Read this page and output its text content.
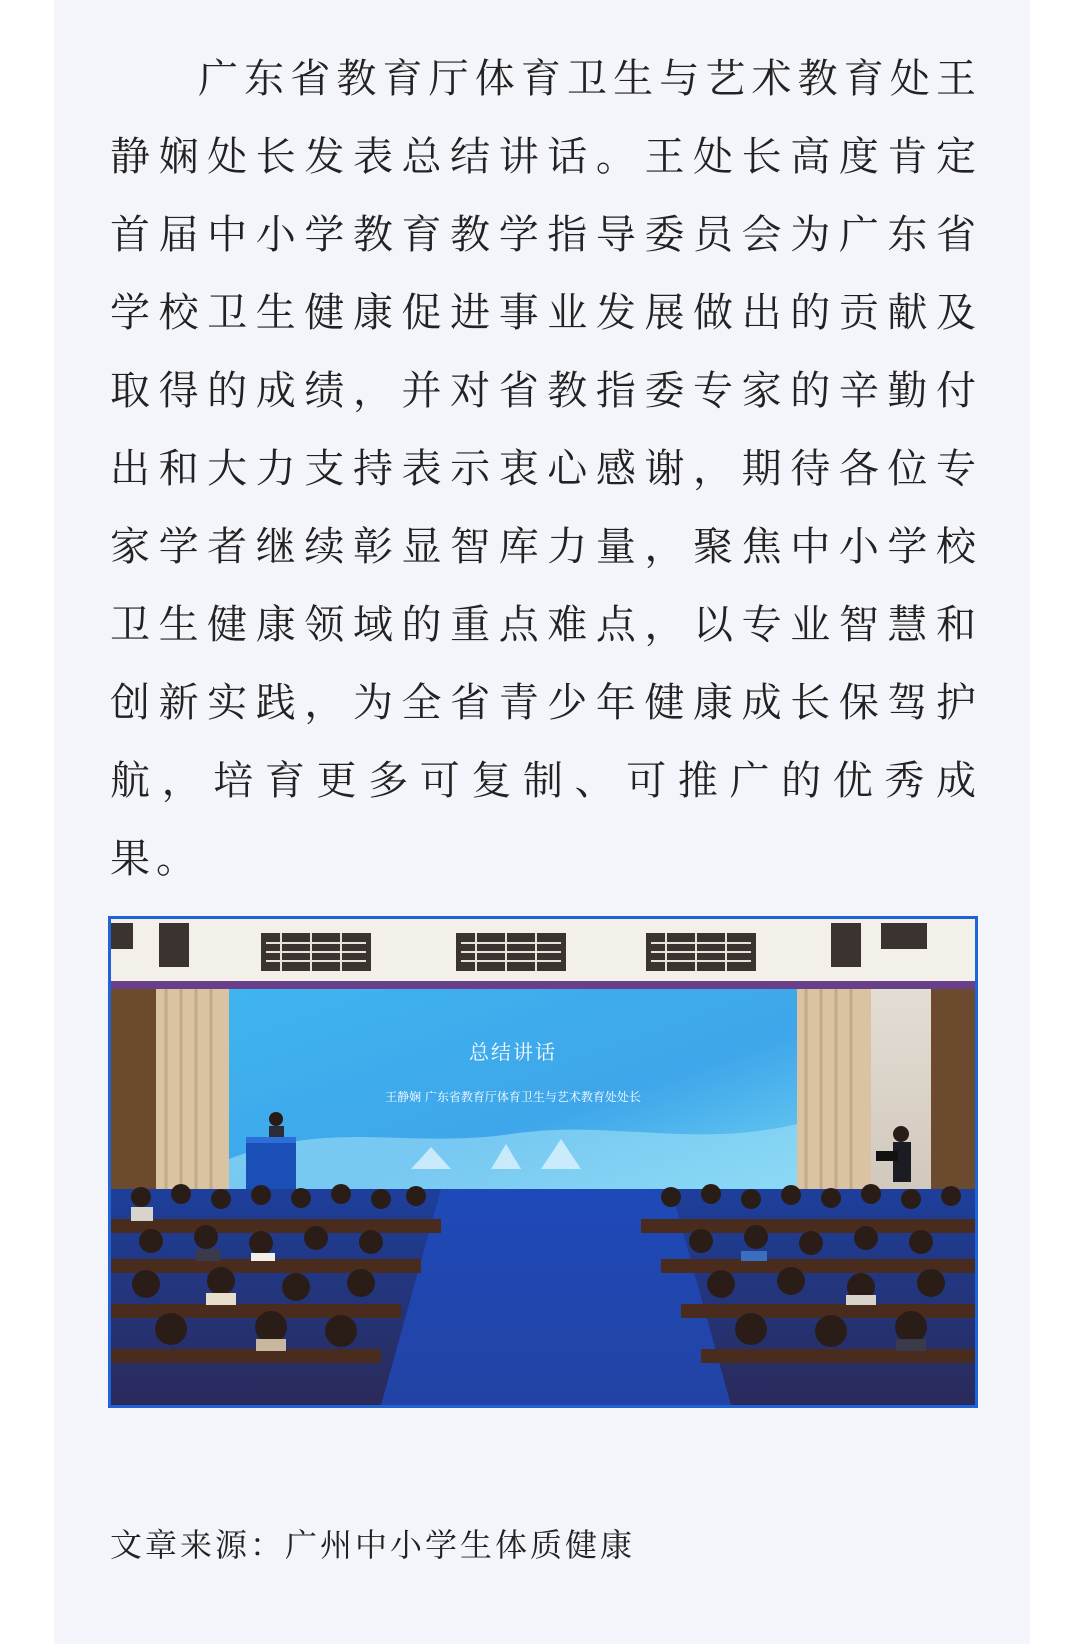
广东省教育厅体育卫生与艺术教育处王静娴处长发表总结讲话。王处长高度肯定首届中小学教育教学指导委员会为广东省学校卫生健康促进事业发展做出的贡献及取得的成绩，并对省教指委专家的辛勤付出和大力支持表示衷心感谢，期待各位专家学者继续彰显智库力量，聚焦中小学校卫生健康领域的重点难点，以专业智慧和创新实践，为全省青少年健康成长保驾护航，培育更多可复制、可推广的优秀成果。

总结讲话
王静娴 广东省教育厅体育卫生与艺术教育处处长

文章来源：广州中小学生体质健康
